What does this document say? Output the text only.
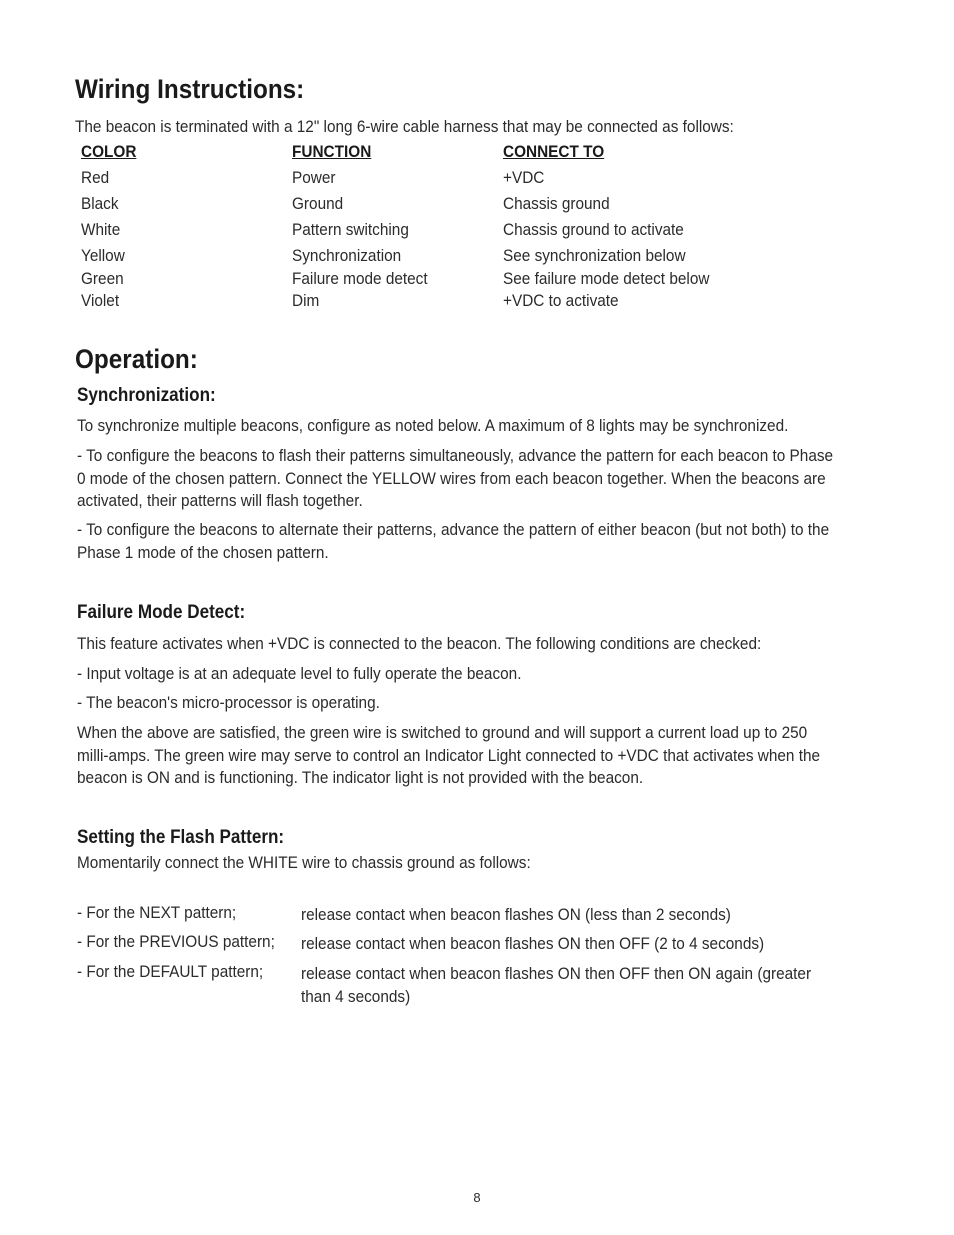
Wiring Instructions:
The beacon is terminated with a 12" long 6-wire cable harness that may be connected as follows:
COLOR	FUNCTION	CONNECT TO
Red	Power	+VDC
Black	Ground	Chassis ground
White	Pattern switching	Chassis ground to activate
Yellow	Synchronization	See synchronization below
Green	Failure mode detect	See failure mode detect below
Violet	Dim	+VDC to activate
Operation:
Synchronization:
To synchronize multiple beacons, configure as noted below. A maximum of 8 lights may be synchronized.
- To configure the beacons to flash their patterns simultaneously, advance the pattern for each beacon to Phase 0 mode of the chosen pattern. Connect the YELLOW wires from each beacon together. When the beacons are activated, their patterns will flash together.
- To configure the beacons to alternate their patterns, advance the pattern of either beacon (but not both) to the Phase 1 mode of the chosen pattern.
Failure Mode Detect:
This feature activates when +VDC is connected to the beacon. The following conditions are checked:
- Input voltage is at an adequate level to fully operate the beacon.
- The beacon's micro-processor is operating.
When the above are satisfied, the green wire is switched to ground and will support a current load up to 250 milli-amps. The green wire may serve to control an Indicator Light connected to +VDC that activates when the beacon is ON and is functioning. The indicator light is not provided with the beacon.
Setting the Flash Pattern:
Momentarily connect the WHITE wire to chassis ground as follows:
- For the NEXT pattern;	release contact when beacon flashes ON (less than 2 seconds)
- For the PREVIOUS pattern; release contact when beacon flashes ON then OFF (2 to 4 seconds)
- For the DEFAULT pattern; release contact when beacon flashes ON then OFF then ON again (greater than 4 seconds)
8
